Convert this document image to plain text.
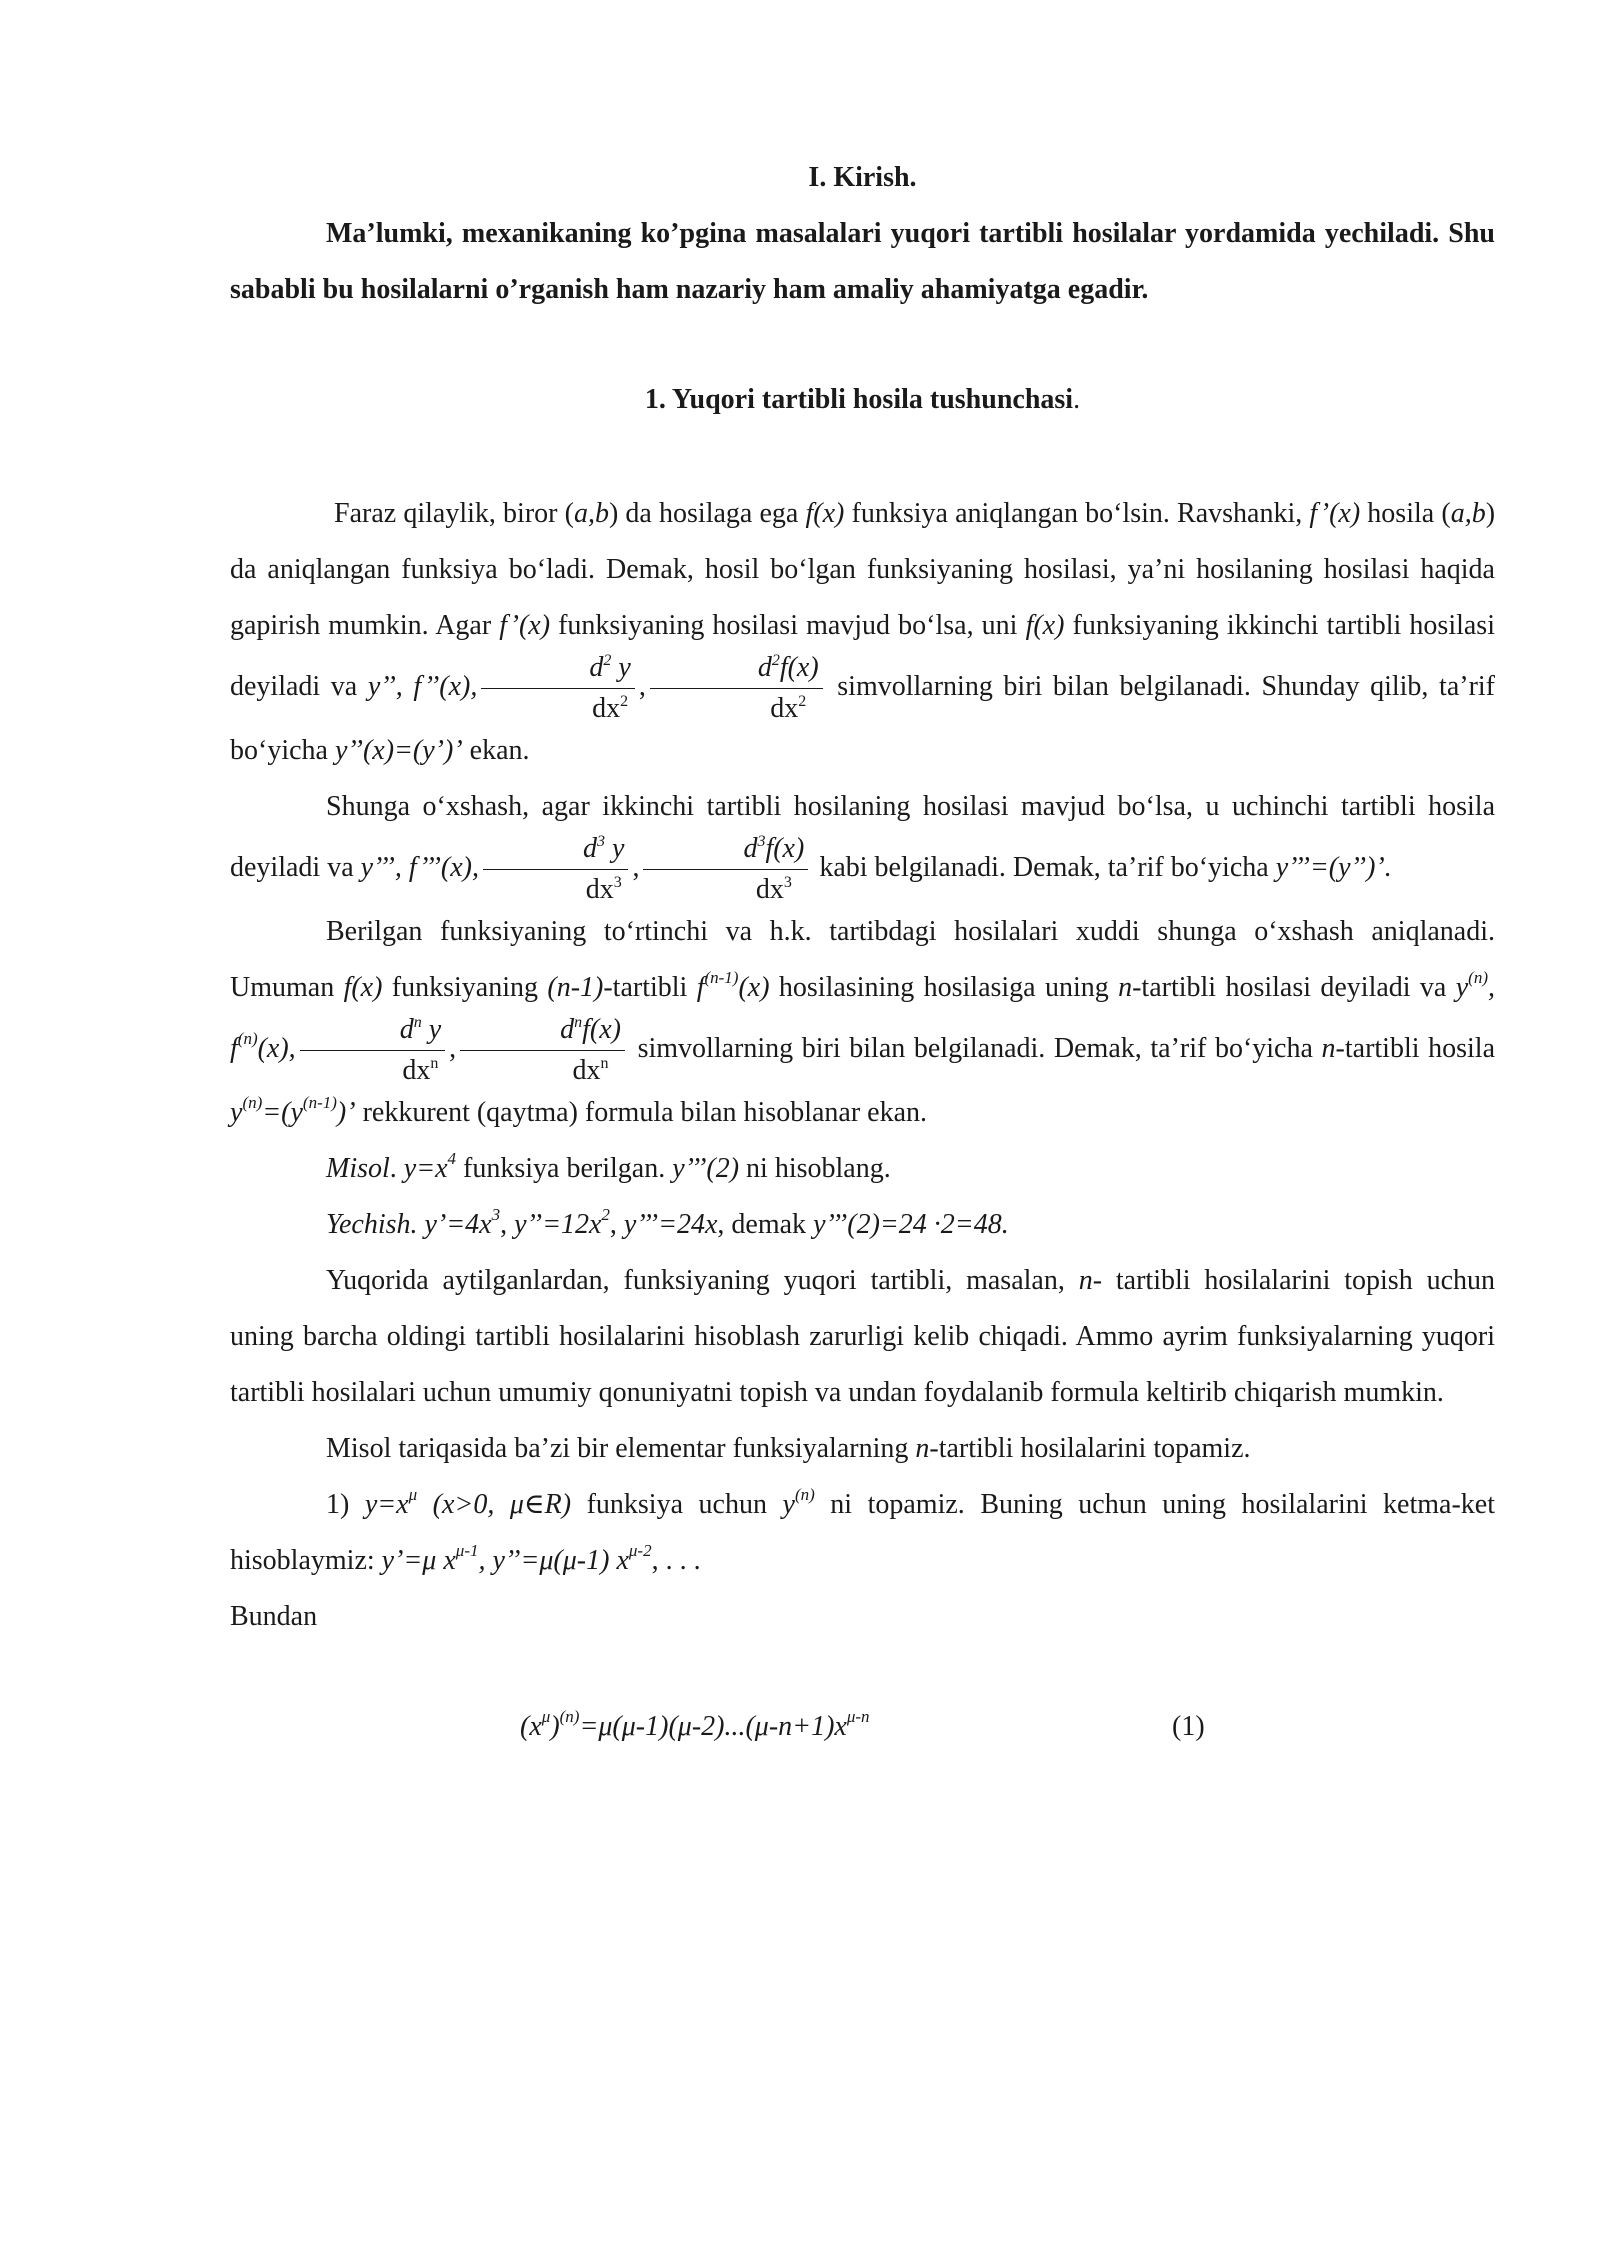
I. Kirish.

Ma’lumki, mexanikaning ko’pgina masalalari yuqori tartibli hosilalar yordamida yechiladi. Shu sababli bu hosilalarni o’rganish ham nazariy ham amaliy ahamiyatga egadir.

1. Yuqori tartibli hosila tushunchasi.

Faraz qilaylik, biror (a,b) da hosilaga ega f(x) funksiya aniqlangan bo‘lsin. Ravshanki, f’(x) hosila (a,b) da aniqlangan funksiya bo‘ladi. Demak, hosil bo‘lgan funksiyaning hosilasi, ya’ni hosilaning hosilasi haqida gapirish mumkin. Agar f’(x) funksiyaning hosilasi mavjud bo‘lsa, uni f(x) funksiyaning ikkinchi tartibli hosilasi deyiladi va y’’, f’’(x), $\frac{d^2 y}{dx^2}$ , $\frac{d^2f(x)}{dx^2}$ simvollarning biri bilan belgilanadi. Shunday qilib, ta’rif bo‘yicha y’’(x)=(y’)’ ekan.

Shunga o‘xshash, agar ikkinchi tartibli hosilaning hosilasi mavjud bo‘lsa, u uchinchi tartibli hosila deyiladi va y’’’, f’’’(x), $\frac{d^3 y}{dx^3}$ , $\frac{d^3f(x)}{dx^3}$ kabi belgilanadi. Demak, ta’rif bo‘yicha y’’’=(y’’)’.

Berilgan funksiyaning to‘rtinchi va h.k. tartibdagi hosilalari xuddi shunga o‘xshash aniqlanadi. Umuman f(x) funksiyaning (n-1)-tartibli $f^{(n-1)}(x)$ hosilasining hosilasiga uning n-tartibli hosilasi deyiladi va $y^{(n)}$, $f^{(n)}(x)$, $\frac{d^n y}{dx^n}$ , $\frac{d^nf(x)}{dx^n}$ simvollarning biri bilan belgilanadi. Demak, ta’rif bo‘yicha n-tartibli hosila $y^{(n)}=(y^{(n-1)})$’ rekkurent (qaytma) formula bilan hisoblanar ekan.

Misol. $y=x^4$ funksiya berilgan. y’’’(2) ni hisoblang.

Yechish. $y’=4x^3$, $y’’=12x^2$, y’’’=24x, demak y’’’(2)=24 ·2=48.

Yuqorida aytilganlardan, funksiyaning yuqori tartibli, masalan, n- tartibli hosilalarini topish uchun uning barcha oldingi tartibli hosilalarini hisoblash zarurligi kelib chiqadi. Ammo ayrim funksiyalarning yuqori tartibli hosilalari uchun umumiy qonuniyatni topish va undan foydalanib formula keltirib chiqarish mumkin.

Misol tariqasida ba’zi bir elementar funksiyalarning n-tartibli hosilalarini topamiz.

1) $y=x^\mu$ (x>0, μ∈R) funksiya uchun $y^{(n)}$ ni topamiz. Buning uchun uning hosilalarini ketma-ket hisoblaymiz: y’=μ $x^{\mu-1}$, y’’=μ(μ-1) $x^{\mu-2}$, . . .

Bundan

$(x^\mu)^{(n)}=\mu(\mu-1)(\mu-2)...(\mu-n+1)x^{\mu-n}$	(1)
